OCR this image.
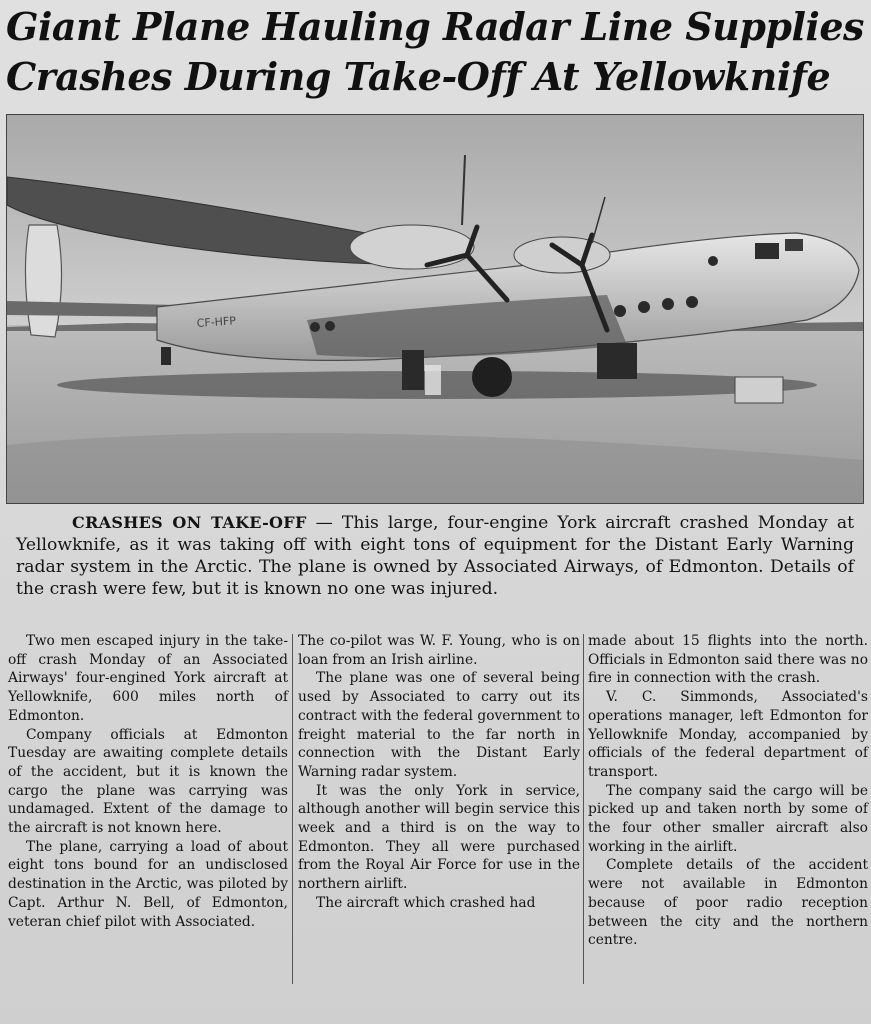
Giant Plane Hauling Radar Line Supplies
Crashes During Take-Off At Yellowknife
CF-HFP
CRASHES ON TAKE-OFF — This large, four-engine York aircraft crashed Monday at Yellowknife, as it was taking off with eight tons of equipment for the Distant Early Warning radar system in the Arctic. The plane is owned by Associated Airways, of Edmonton. Details of the crash were few, but it is known no one was injured.

Two men escaped injury in the take-off crash Monday of an Associated Airways' four-engined York aircraft at Yellowknife, 600 miles north of Edmonton.

Company officials at Edmonton Tuesday are awaiting complete details of the accident, but it is known the cargo the plane was carrying was undamaged. Extent of the damage to the aircraft is not known here.

The plane, carrying a load of about eight tons bound for an undisclosed destination in the Arctic, was piloted by Capt. Arthur N. Bell, of Edmonton, veteran chief pilot with Associated.

The co-pilot was W. F. Young, who is on loan from an Irish airline.

The plane was one of several being used by Associated to carry out its contract with the federal government to freight material to the far north in connection with the Distant Early Warning radar system.

It was the only York in service, although another will begin service this week and a third is on the way to Edmonton. They all were purchased from the Royal Air Force for use in the northern airlift.

The aircraft which crashed had

made about 15 flights into the north. Officials in Edmonton said there was no fire in connection with the crash.

V. C. Simmonds, Associated's operations manager, left Edmonton for Yellowknife Monday, accompanied by officials of the federal department of transport.

The company said the cargo will be picked up and taken north by some of the four other smaller aircraft also working in the airlift.

Complete details of the accident were not available in Edmonton because of poor radio reception between the city and the northern centre.
